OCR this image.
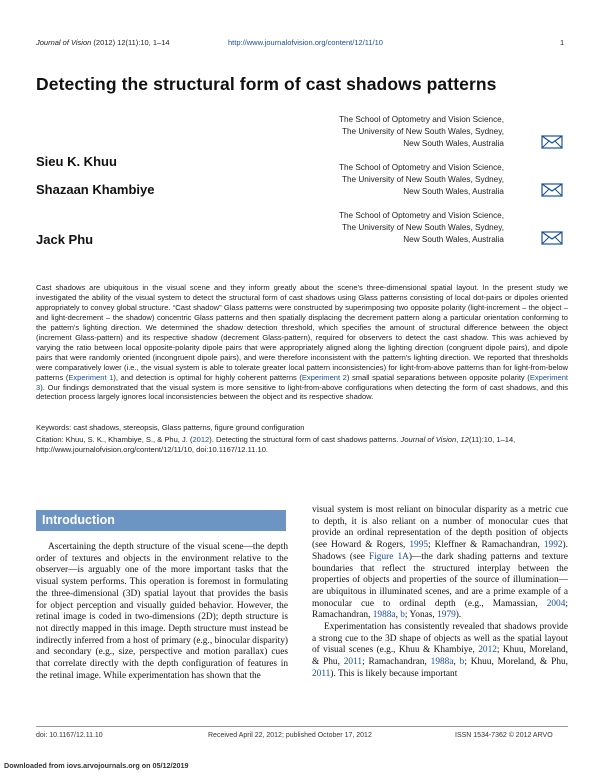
Journal of Vision (2012) 12(11):10, 1–14	http://www.journalofvision.org/content/12/11/10	1
Detecting the structural form of cast shadows patterns
Sieu K. Khuu
The School of Optometry and Vision Science,
The University of New South Wales, Sydney,
New South Wales, Australia
Shazaan Khambiye
The School of Optometry and Vision Science,
The University of New South Wales, Sydney,
New South Wales, Australia
Jack Phu
The School of Optometry and Vision Science,
The University of New South Wales, Sydney,
New South Wales, Australia

Cast shadows are ubiquitous in the visual scene and they inform greatly about the scene's three-dimensional spatial layout. In the present study we investigated the ability of the visual system to detect the structural form of cast shadows using Glass patterns consisting of local dot-pairs or dipoles oriented appropriately to convey global structure. “Cast shadow” Glass patterns were constructed by superimposing two opposite polarity (light-increment – the object – and light-decrement – the shadow) concentric Glass patterns and then spatially displacing the decrement pattern along a particular orientation conforming to the pattern's lighting direction. We determined the shadow detection threshold, which specifies the amount of structural difference between the object (increment Glass-pattern) and its respective shadow (decrement Glass-pattern), required for observers to detect the cast shadow. This was achieved by varying the ratio between local opposite-polarity dipole pairs that were appropriately aligned along the lighting direction (congruent dipole pairs), and dipole pairs that were randomly oriented (incongruent dipole pairs), and were therefore inconsistent with the pattern's lighting direction. We reported that thresholds were comparatively lower (i.e., the visual system is able to tolerate greater local pattern inconsistencies) for light-from-above patterns than for light-from-below patterns (Experiment 1), and detection is optimal for highly coherent patterns (Experiment 2) small spatial separations between opposite polarity (Experiment 3). Our findings demonstrated that the visual system is more sensitive to light-from-above configurations when detecting the form of cast shadows, and this detection process largely ignores local inconsistencies between the object and its respective shadow.

Keywords: cast shadows, stereopsis, Glass patterns, figure ground configuration

Citation: Khuu, S. K., Khambiye, S., & Phu, J. (2012). Detecting the structural form of cast shadows patterns. Journal of Vision, 12(11):10, 1–14, http://www.journalofvision.org/content/12/11/10, doi:10.1167/12.11.10.

Introduction

Ascertaining the depth structure of the visual scene—the depth order of textures and objects in the environment relative to the observer—is arguably one of the more important tasks that the visual system performs. This operation is foremost in formulating the three-dimensional (3D) spatial layout that provides the basis for object perception and visually guided behavior. However, the retinal image is coded in two-dimensions (2D); depth structure is not directly mapped in this image. Depth structure must instead be indirectly inferred from a host of primary (e.g., binocular disparity) and secondary (e.g., size, perspective and motion parallax) cues that correlate directly with the depth configuration of features in the retinal image. While experimentation has shown that the

visual system is most reliant on binocular disparity as a metric cue to depth, it is also reliant on a number of monocular cues that provide an ordinal representation of the depth position of objects (see Howard & Rogers, 1995; Kleffner & Ramachandran, 1992). Shadows (see Figure 1A)—the dark shading patterns and texture boundaries that reflect the structured interplay between the properties of objects and properties of the source of illumination—are ubiquitous in illuminated scenes, and are a prime example of a monocular cue to ordinal depth (e.g., Mamassian, 2004; Ramachandran, 1988a, b; Yonas, 1979).

Experimentation has consistently revealed that shadows provide a strong cue to the 3D shape of objects as well as the spatial layout of visual scenes (e.g., Khuu & Khambiye, 2012; Khuu, Moreland, & Phu, 2011; Ramachandran, 1988a, b; Khuu, Moreland, & Phu, 2011). This is likely because important

doi: 10.1167/12.11.10	Received April 22, 2012; published October 17, 2012	ISSN 1534-7362 © 2012 ARVO
Downloaded from iovs.arvojournals.org on 05/12/2019
